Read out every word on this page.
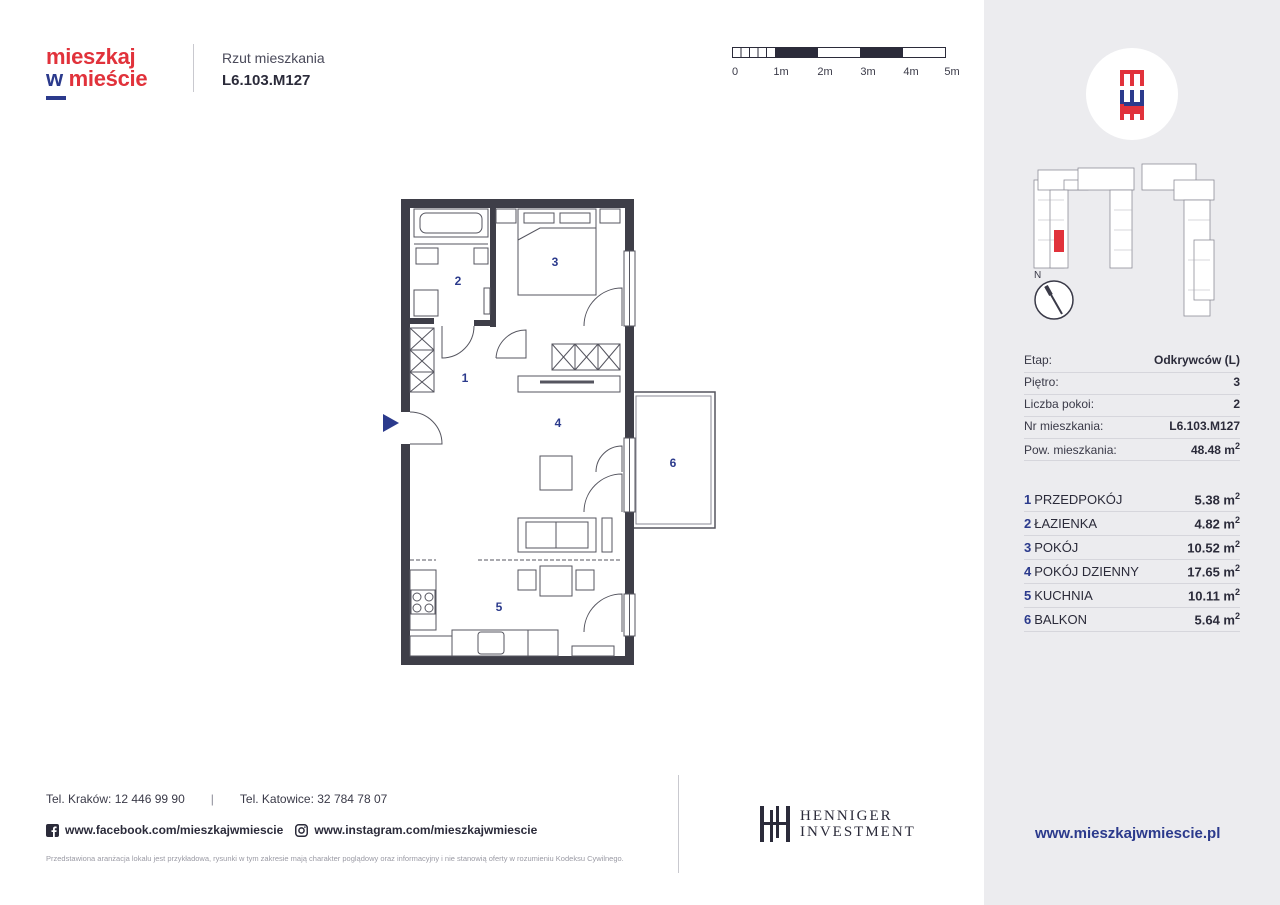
mieszkaj
w mieście
Rzut mieszkania
L6.103.M127	0	1m	2m	3m	4m 5m
2
3
1
4
6
5
N
Etap:	Odkrywców (L)
Piętro:	3
Liczba pokoi:	2
Nr mieszkania:	L6.103.M127
Pow. mieszkania:	48.48 $m^2$
1 PRZEDPOKÓJ	5.38 $m^2$
2 ŁAZIENKA	4.82 $m^2$
3 POKÓJ	10.52 $m^2$
4 POKÓJ DZIENNY	17.65 $m^2$
5 KUCHNIA	10.11 $m^2$
6 BALKON	5.64 $m^2$
Tel. Kraków: 12 446 99 90 | Tel. Katowice: 32 784 78 07
www.facebook.com/mieszkajwmiescie	www.instagram.com/mieszkajwmiescie
Przedstawiona aranżacja lokalu jest przykładowa, rysunki w tym zakresie mają charakter poglądowy oraz informacyjny i nie stanowią oferty w rozumieniu Kodeksu Cywilnego.
HENNIGER
INVESTMENT	www.mieszkajwmiescie.pl
